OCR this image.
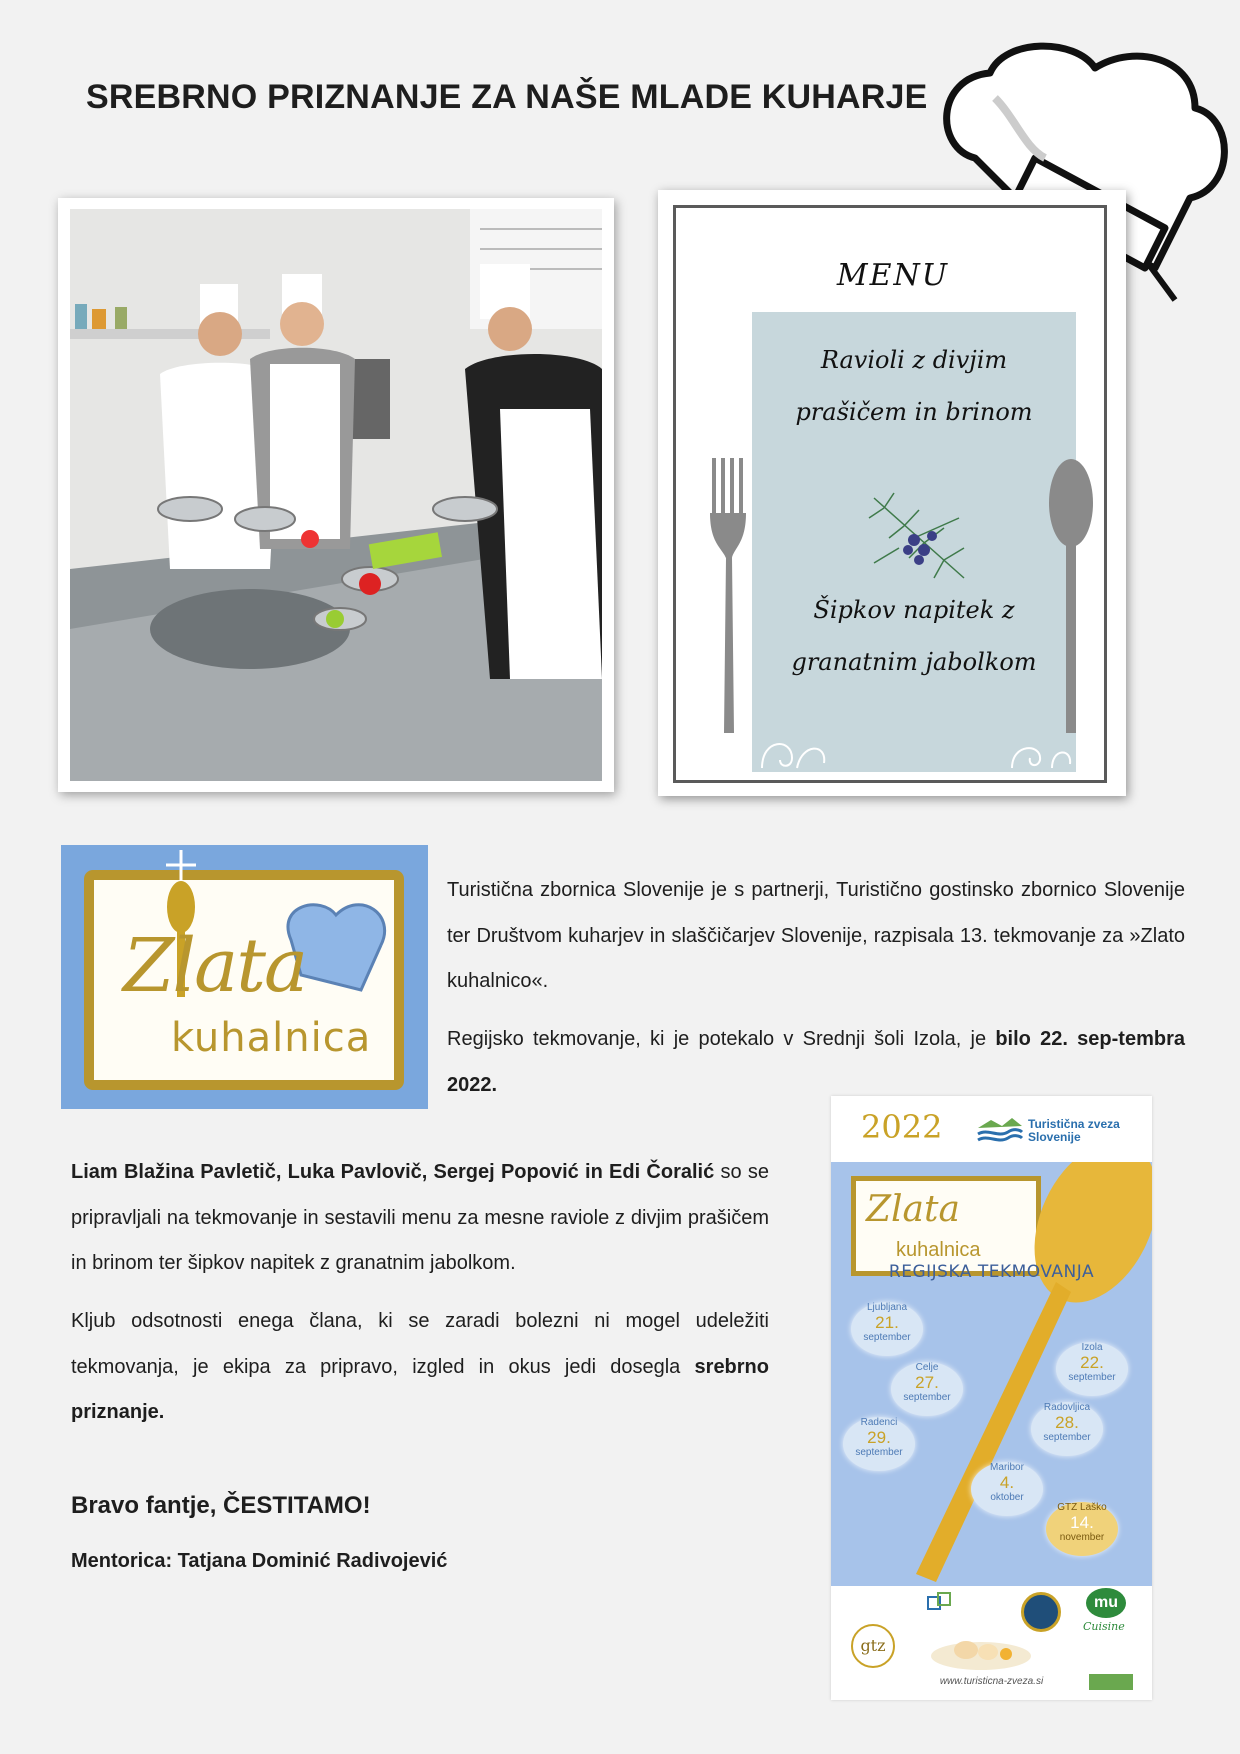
SREBRNO PRIZNANJE ZA NAŠE MLADE KUHARJE
MENU
Ravioli z divjim
prašičem in brinom
Šipkov napitek z
granatnim jabolkom
Zlata
kuhalnica
Turistična zbornica Slovenije je s partnerji, Turistično gostinsko zbornico Slovenije ter Društvom kuharjev in slaščičarjev Slovenije, razpisala 13. tekmovanje za »Zlato kuhalnico«.
Regijsko tekmovanje, ki je potekalo v Srednji šoli Izola, je bilo 22. sep-tembra 2022.
Liam Blažina Pavletič, Luka Pavlovič, Sergej Popović in Edi Čoralić so se pripravljali na tekmovanje in sestavili menu za mesne raviole z divjim prašičem in brinom ter šipkov napitek z granatnim jabolkom.
Kljub odsotnosti enega člana, ki se zaradi bolezni ni mogel udeležiti tekmovanja, je ekipa za pripravo, izgled in okus jedi dosegla srebrno priznanje.
Bravo fantje, ČESTITAMO!
Mentorica: Tatjana Dominić Radivojević
2022	Turistična zveza
Slovenije
Zlata
kuhalnica
REGIJSKA TEKMOVANJA
Ljubljana
21.
september
Izola
22.
september
Celje
27.
september
Radovljica
28.
september
Radenci
29.
september
Maribor
4.
oktober
GTZ Laško
14.
november
gtz
mu
Cuisine
www.turisticna-zveza.si
